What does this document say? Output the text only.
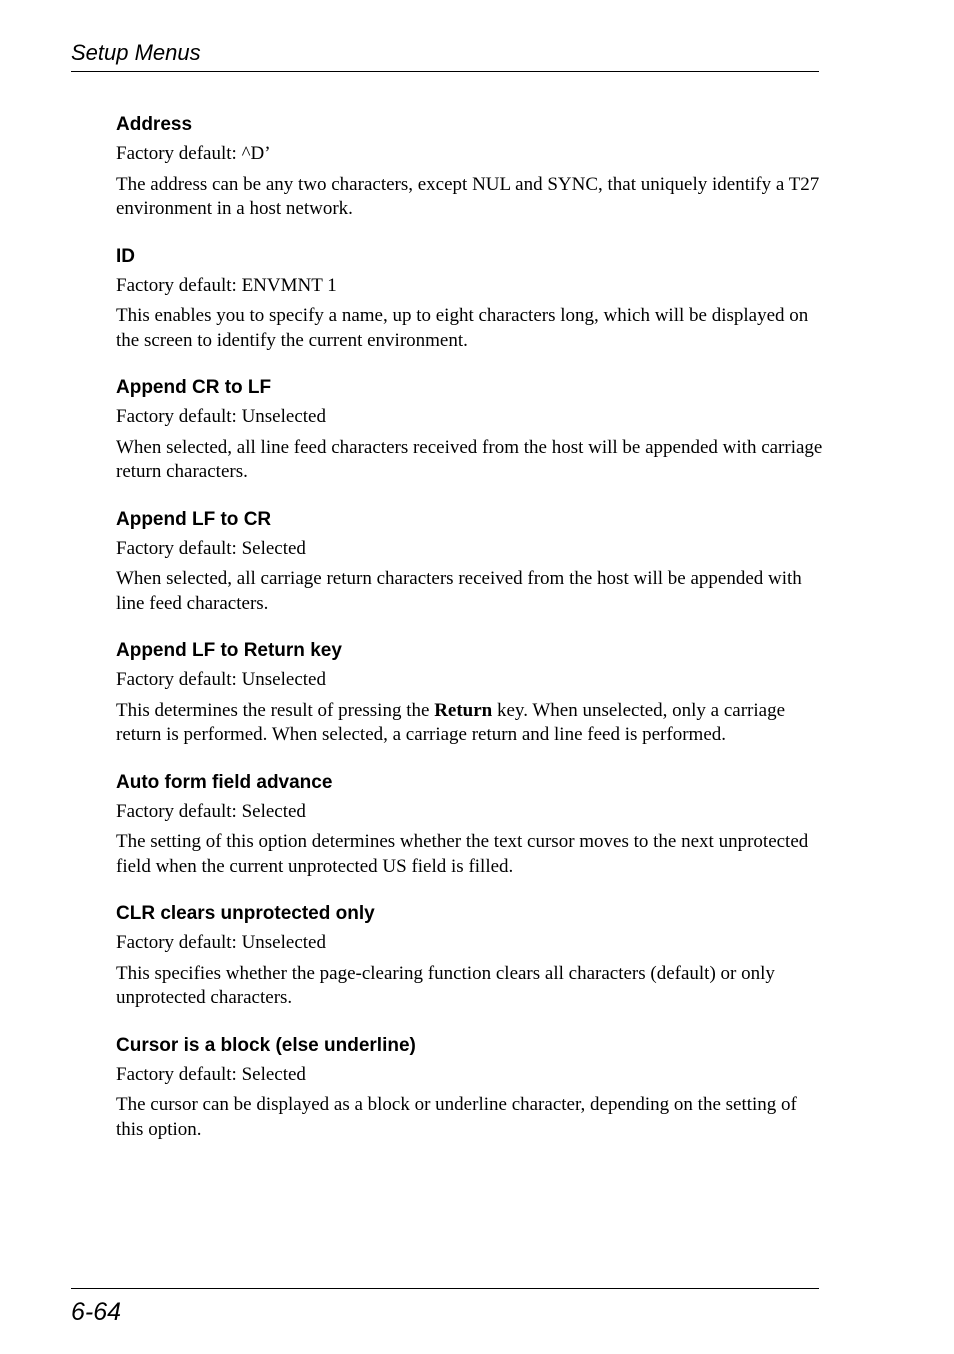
Setup Menus
Address

Factory default: ^D’

The address can be any two characters, except NUL and SYNC, that uniquely identify a T27 environment in a host network.

ID

Factory default: ENVMNT 1

This enables you to specify a name, up to eight characters long, which will be displayed on the screen to identify the current environment.

Append CR to LF

Factory default: Unselected

When selected, all line feed characters received from the host will be appended with carriage return characters.

Append LF to CR

Factory default: Selected

When selected, all carriage return characters received from the host will be appended with line feed characters.

Append LF to Return key

Factory default: Unselected

This determines the result of pressing the Return key. When unselected, only a carriage return is performed. When selected, a carriage return and line feed is performed.

Auto form field advance

Factory default: Selected

The setting of this option determines whether the text cursor moves to the next unprotected field when the current unprotected US field is filled.

CLR clears unprotected only

Factory default: Unselected

This specifies whether the page-clearing function clears all characters (default) or only unprotected characters.

Cursor is a block (else underline)

Factory default: Selected

The cursor can be displayed as a block or underline character, depending on the setting of this option.

6-64
